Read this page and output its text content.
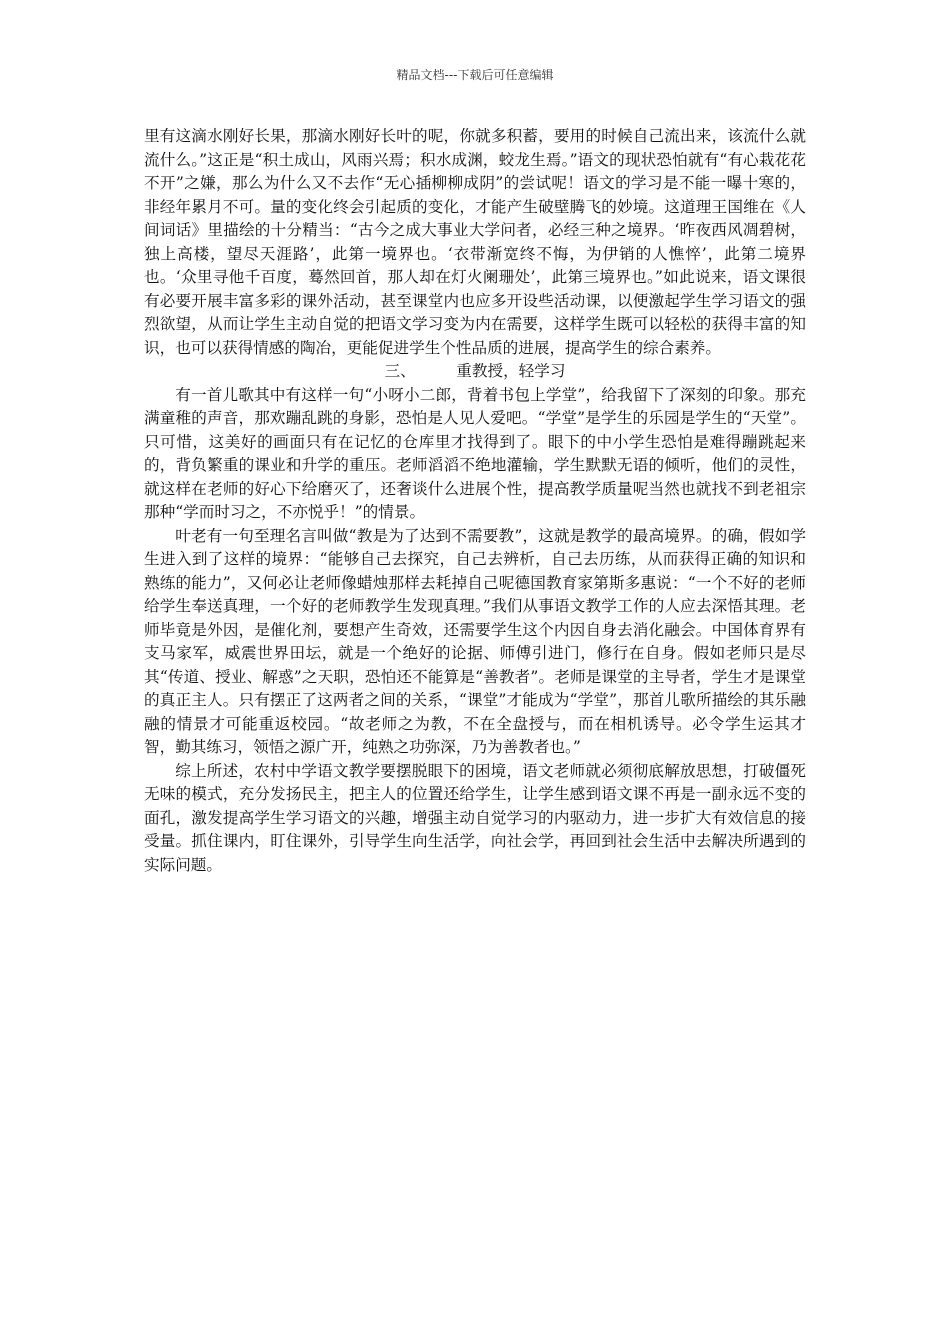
精品文档---下载后可任意编辑

里有这滴水刚好长果，那滴水刚好长叶的呢，你就多积蓄，要用的时候自己流出来，该流什么就流什么。”这正是“积土成山，风雨兴焉；积水成渊，蛟龙生焉。”语文的现状恐怕就有“有心栽花花不开”之嫌，那么为什么又不去作“无心插柳柳成阴”的尝试呢！语文的学习是不能一曝十寒的，非经年累月不可。量的变化终会引起质的变化，才能产生破壁腾飞的妙境。这道理王国维在《人间词话》里描绘的十分精当：“古今之成大事业大学问者，必经三种之境界。‘昨夜西风凋碧树，独上高楼，望尽天涯路’，此第一境界也。‘衣带渐宽终不悔，为伊销的人憔悴’，此第二境界也。‘众里寻他千百度，蓦然回首，那人却在灯火阑珊处’，此第三境界也。”如此说来，语文课很有必要开展丰富多彩的课外活动，甚至课堂内也应多开设些活动课，以便激起学生学习语文的强烈欲望，从而让学生主动自觉的把语文学习变为内在需要，这样学生既可以轻松的获得丰富的知识，也可以获得情感的陶冶，更能促进学生个性品质的进展，提高学生的综合素养。

三、	重教授，轻学习

有一首儿歌其中有这样一句“小呀小二郎，背着书包上学堂”，给我留下了深刻的印象。那充满童稚的声音，那欢蹦乱跳的身影，恐怕是人见人爱吧。“学堂”是学生的乐园是学生的“天堂”。只可惜，这美好的画面只有在记忆的仓库里才找得到了。眼下的中小学生恐怕是难得蹦跳起来的，背负繁重的课业和升学的重压。老师滔滔不绝地灌输，学生默默无语的倾听，他们的灵性，就这样在老师的好心下给磨灭了，还奢谈什么进展个性，提高教学质量呢当然也就找不到老祖宗那种“学而时习之，不亦悦乎！”的情景。

叶老有一句至理名言叫做“教是为了达到不需要教”，这就是教学的最高境界。的确，假如学生进入到了这样的境界：“能够自己去探究，自己去辨析，自己去历练，从而获得正确的知识和熟练的能力”，又何必让老师像蜡烛那样去耗掉自己呢德国教育家第斯多惠说：“一个不好的老师给学生奉送真理，一个好的老师教学生发现真理。”我们从事语文教学工作的人应去深悟其理。老师毕竟是外因，是催化剂，要想产生奇效，还需要学生这个内因自身去消化融会。中国体育界有支马家军，威震世界田坛，就是一个绝好的论据、师傅引进门，修行在自身。假如老师只是尽其“传道、授业、解惑”之天职，恐怕还不能算是“善教者”。老师是课堂的主导者，学生才是课堂的真正主人。只有摆正了这两者之间的关系，“课堂”才能成为“学堂”，那首儿歌所描绘的其乐融融的情景才可能重返校园。“故老师之为教，不在全盘授与，而在相机诱导。必令学生运其才智，勤其练习，领悟之源广开，纯熟之功弥深，乃为善教者也。”

综上所述，农村中学语文教学要摆脱眼下的困境，语文老师就必须彻底解放思想，打破僵死无味的模式，充分发扬民主，把主人的位置还给学生，让学生感到语文课不再是一副永远不变的面孔，激发提高学生学习语文的兴趣，增强主动自觉学习的内驱动力，进一步扩大有效信息的接受量。抓住课内，盯住课外，引导学生向生活学，向社会学，再回到社会生活中去解决所遇到的实际问题。
